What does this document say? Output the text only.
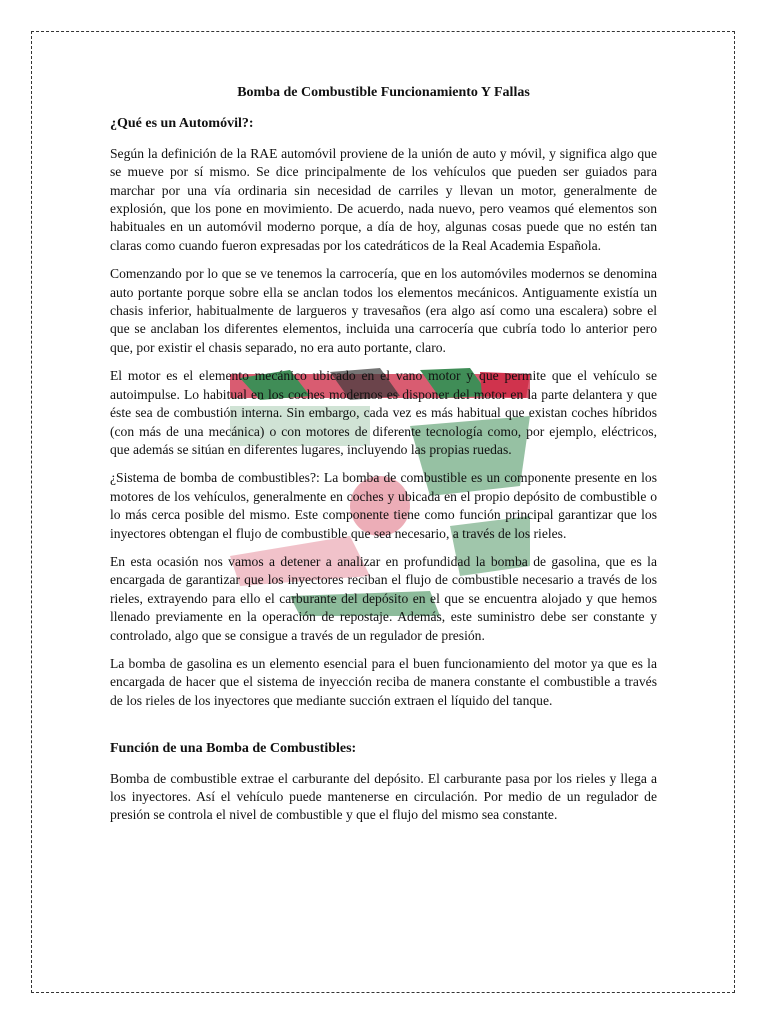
Bomba de Combustible Funcionamiento Y Fallas

¿Qué es un Automóvil?:

Según la definición de la RAE automóvil proviene de la unión de auto y móvil, y significa algo que se mueve por sí mismo. Se dice principalmente de los vehículos que pueden ser guiados para marchar por una vía ordinaria sin necesidad de carriles y llevan un motor, generalmente de explosión, que los pone en movimiento. De acuerdo, nada nuevo, pero veamos qué elementos son habituales en un automóvil moderno porque, a día de hoy, algunas cosas puede que no estén tan claras como cuando fueron expresadas por los catedráticos de la Real Academia Española.

Comenzando por lo que se ve tenemos la carrocería, que en los automóviles modernos se denomina auto portante porque sobre ella se anclan todos los elementos mecánicos. Antiguamente existía un chasis inferior, habitualmente de largueros y travesaños (era algo así como una escalera) sobre el que se anclaban los diferentes elementos, incluida una carrocería que cubría todo lo anterior pero que, por existir el chasis separado, no era auto portante, claro.

El motor es el elemento mecánico ubicado en el vano motor y que permite que el vehículo se autoimpulse. Lo habitual en los coches modernos es disponer del motor en la parte delantera y que éste sea de combustión interna. Sin embargo, cada vez es más habitual que existan coches híbridos (con más de una mecánica) o con motores de diferente tecnología como, por ejemplo, eléctricos, que además se sitúan en diferentes lugares, incluyendo las propias ruedas.

¿Sistema de bomba de combustibles?: La bomba de combustible es un componente presente en los motores de los vehículos, generalmente en coches y ubicada en el propio depósito de combustible o lo más cerca posible del mismo. Este componente tiene como función principal garantizar que los inyectores obtengan el flujo de combustible que sea necesario, a través de los rieles.

En esta ocasión nos vamos a detener a analizar en profundidad la bomba de gasolina, que es la encargada de garantizar que los inyectores reciban el flujo de combustible necesario a través de los rieles, extrayendo para ello el carburante del depósito en el que se encuentra alojado y que hemos llenado previamente en la operación de repostaje. Además, este suministro debe ser constante y controlado, algo que se consigue a través de un regulador de presión.

La bomba de gasolina es un elemento esencial para el buen funcionamiento del motor ya que es la encargada de hacer que el sistema de inyección reciba de manera constante el combustible a través de los rieles de los inyectores que mediante succión extraen el líquido del tanque.

Función de una Bomba de Combustibles:

Bomba de combustible extrae el carburante del depósito. El carburante pasa por los rieles y llega a los inyectores. Así el vehículo puede mantenerse en circulación. Por medio de un regulador de presión se controla el nivel de combustible y que el flujo del mismo sea constante.
